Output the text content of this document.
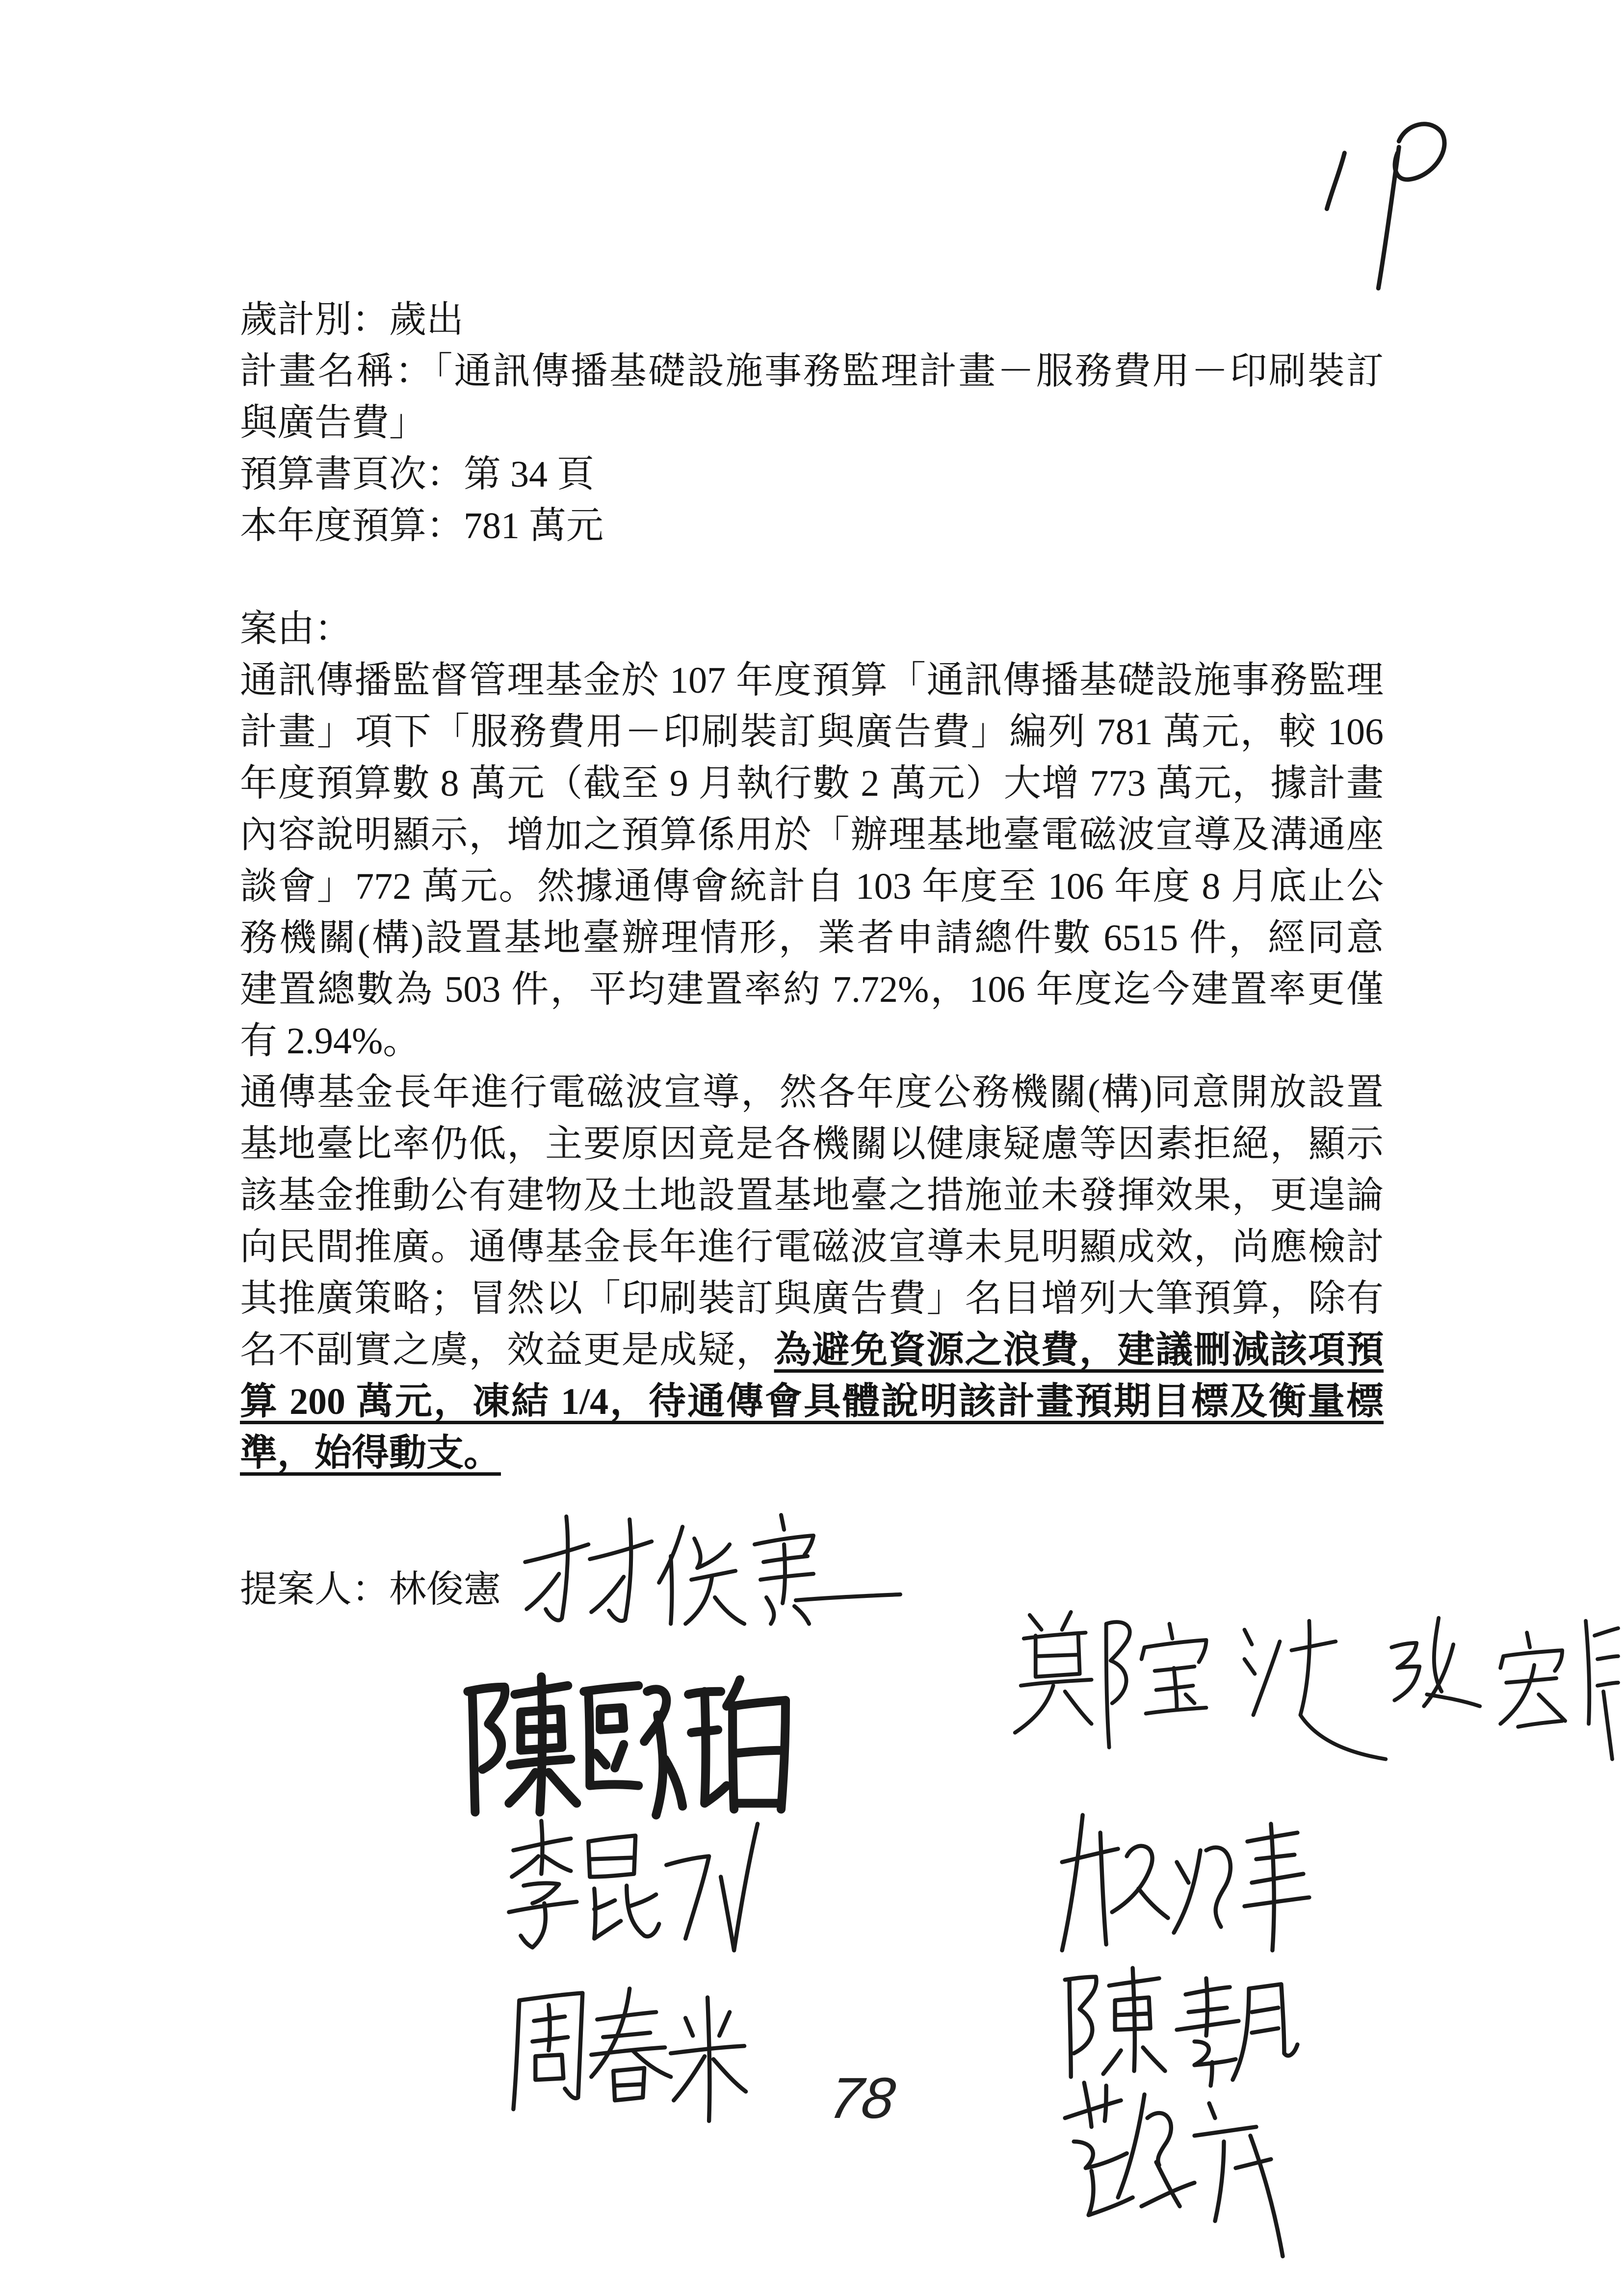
歲計別：歲出
計畫名稱：「通訊傳播基礎設施事務監理計畫－服務費用－印刷裝訂
與廣告費」
預算書頁次：第 34 頁
本年度預算：781 萬元
案由：
通訊傳播監督管理基金於 107 年度預算「通訊傳播基礎設施事務監理
計畫」項下「服務費用－印刷裝訂與廣告費」編列 781 萬元，較 106
年度預算數 8 萬元（截至 9 月執行數 2 萬元）大增 773 萬元，據計畫
內容說明顯示，增加之預算係用於「辦理基地臺電磁波宣導及溝通座
談會」772 萬元。然據通傳會統計自 103 年度至 106 年度 8 月底止公
務機關(構)設置基地臺辦理情形，業者申請總件數 6515 件，經同意
建置總數為 503 件，平均建置率約 7.72%，106 年度迄今建置率更僅
有 2.94%。
通傳基金長年進行電磁波宣導，然各年度公務機關(構)同意開放設置
基地臺比率仍低，主要原因竟是各機關以健康疑慮等因素拒絕，顯示
該基金推動公有建物及土地設置基地臺之措施並未發揮效果，更遑論
向民間推廣。通傳基金長年進行電磁波宣導未見明顯成效，尚應檢討
其推廣策略；冒然以「印刷裝訂與廣告費」名目增列大筆預算，除有
名不副實之虞，效益更是成疑，為避免資源之浪費，建議刪減該項預
算 200 萬元，凍結 1/4，待通傳會具體說明該計畫預期目標及衡量標
準，始得動支。
提案人：林俊憲
78
